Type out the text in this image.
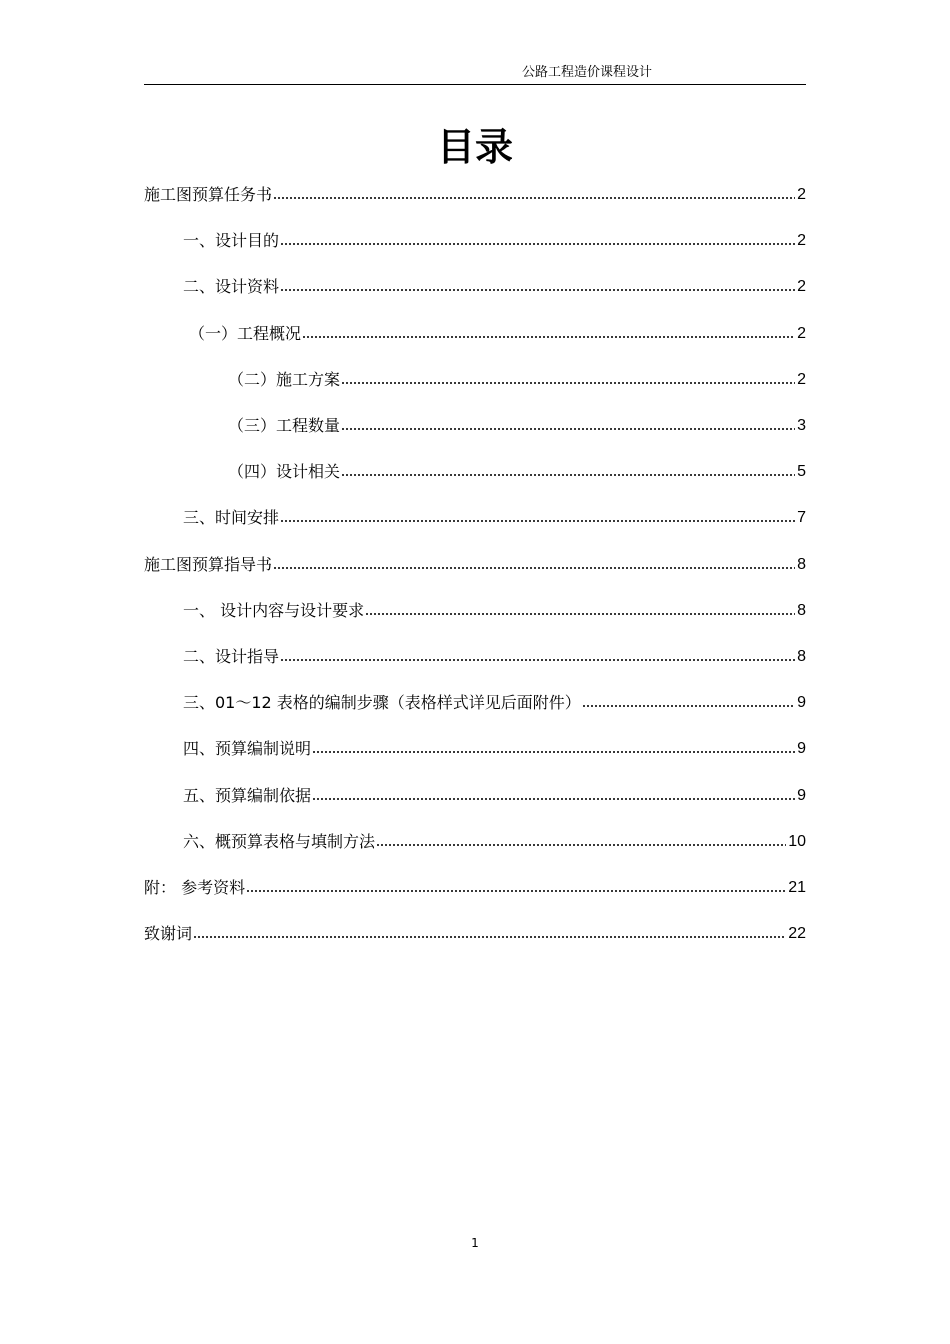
公路工程造价课程设计
目录
施工图预算任务书	2
一、设计目的	2
二、设计资料	2
（一）工程概况	2
（二）施工方案	2
（三）工程数量	3
（四）设计相关	5
三、时间安排	7
施工图预算指导书	8
一、 设计内容与设计要求	8
二、设计指导	8
三、01～12 表格的编制步骤（表格样式详见后面附件）	9
四、预算编制说明	9
五、预算编制依据	9
六、概预算表格与填制方法	10
附： 参考资料	21
致谢词	22
1
